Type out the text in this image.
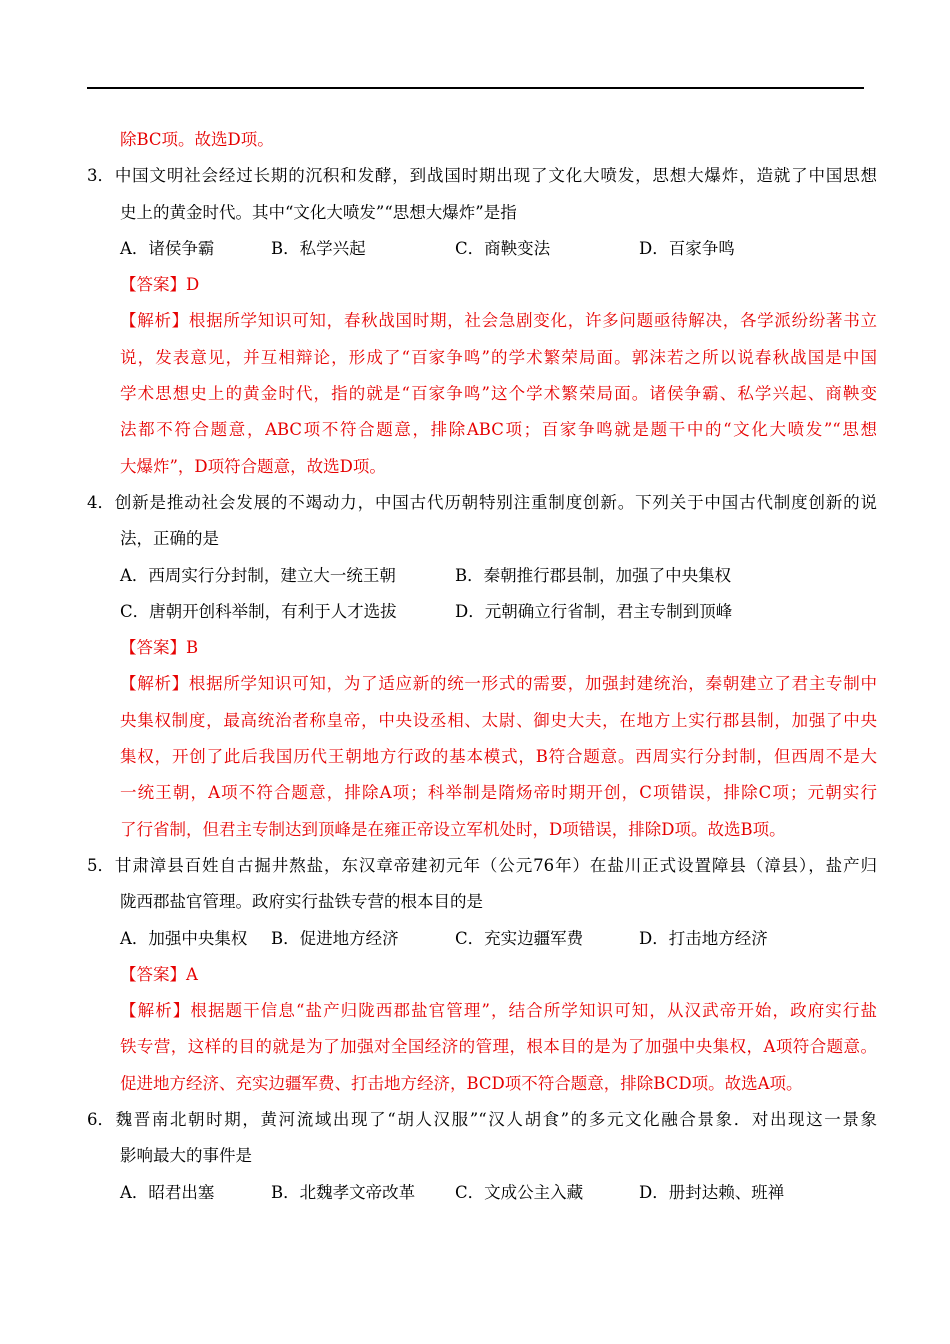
除BC项。故选D项。
3．中国文明社会经过长期的沉积和发酵，到战国时期出现了文化大喷发，思想大爆炸，造就了中国思想
史上的黄金时代。其中“文化大喷发”“思想大爆炸”是指
A．诸侯争霸	B．私学兴起	C．商鞅变法	D．百家争鸣
【答案】D
【解析】根据所学知识可知，春秋战国时期，社会急剧变化，许多问题亟待解决，各学派纷纷著书立
说，发表意见，并互相辩论，形成了“百家争鸣”的学术繁荣局面。郭沫若之所以说春秋战国是中国
学术思想史上的黄金时代，指的就是“百家争鸣”这个学术繁荣局面。诸侯争霸、私学兴起、商鞅变
法都不符合题意，ABC项不符合题意，排除ABC项；百家争鸣就是题干中的“文化大喷发”“思想
大爆炸”，D项符合题意，故选D项。
4．创新是推动社会发展的不竭动力，中国古代历朝特别注重制度创新。下列关于中国古代制度创新的说
法，正确的是
A．西周实行分封制，建立大一统王朝	B．秦朝推行郡县制，加强了中央集权
C．唐朝开创科举制，有利于人才选拔	D．元朝确立行省制，君主专制到顶峰
【答案】B
【解析】根据所学知识可知，为了适应新的统一形式的需要，加强封建统治，秦朝建立了君主专制中
央集权制度，最高统治者称皇帝，中央设丞相、太尉、御史大夫，在地方上实行郡县制，加强了中央
集权，开创了此后我国历代王朝地方行政的基本模式，B符合题意。西周实行分封制，但西周不是大
一统王朝，A项不符合题意，排除A项；科举制是隋炀帝时期开创，C项错误，排除C项；元朝实行
了行省制，但君主专制达到顶峰是在雍正帝设立军机处时，D项错误，排除D项。故选B项。
5．甘肃漳县百姓自古掘井熬盐，东汉章帝建初元年（公元76年）在盐川正式设置障县（漳县），盐产归
陇西郡盐官管理。政府实行盐铁专营的根本目的是
A．加强中央集权 B．促进地方经济	C．充实边疆军费	D．打击地方经济
【答案】A
【解析】根据题干信息“盐产归陇西郡盐官管理”，结合所学知识可知，从汉武帝开始，政府实行盐
铁专营，这样的目的就是为了加强对全国经济的管理，根本目的是为了加强中央集权，A项符合题意。
促进地方经济、充实边疆军费、打击地方经济，BCD项不符合题意，排除BCD项。故选A项。
6．魏晋南北朝时期，黄河流域出现了“胡人汉服”“汉人胡食”的多元文化融合景象．对出现这一景象
影响最大的事件是
A．昭君出塞	B．北魏孝文帝改革 C．文成公主入藏	D．册封达赖、班禅
